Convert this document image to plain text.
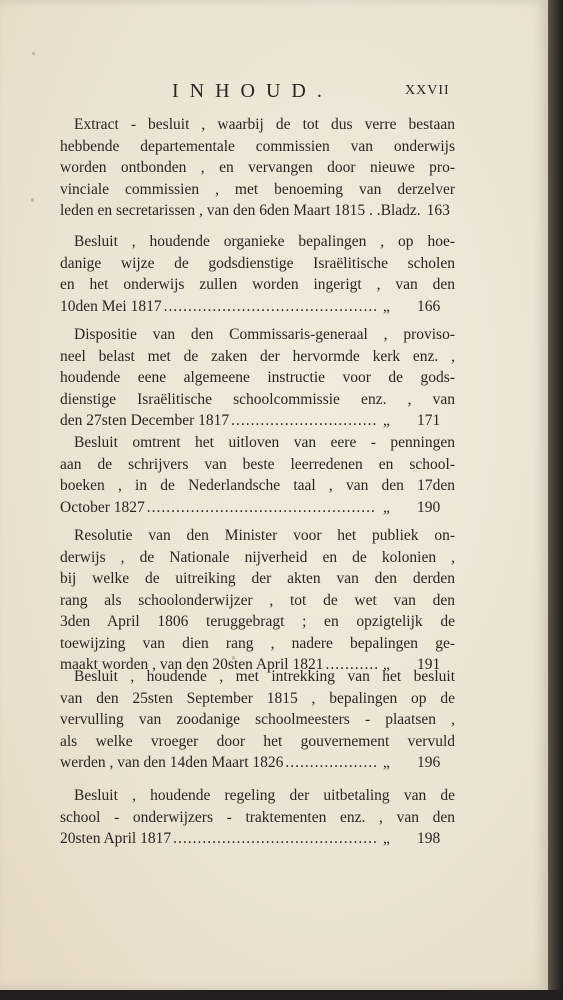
INHOUD.	XXVII
Extract - besluit , waarbij de tot dus verre bestaan
hebbende departementale commissien van onderwijs
worden ontbonden , en vervangen door nieuwe pro-
vinciale commissien , met benoeming van derzelver
leden en secretarissen , van den 6den Maart 1815 . . Bladz. 163
Besluit , houdende organieke bepalingen , op hoe-
danige wijze de godsdienstige Israëlitische scholen
en het onderwijs zullen worden ingerigt , van den
10den Mei 1817 .....	„	166
Dispositie van den Commissaris-generaal , proviso-
neel belast met de zaken der hervormde kerk enz. ,
houdende eene algemeene instructie voor de gods-
dienstige Israëlitische schoolcommissie enz. , van
den 27sten December 1817 .....	„	171
Besluit omtrent het uitloven van eere - penningen
aan de schrijvers van beste leerredenen en school-
boeken , in de Nederlandsche taal , van den 17den
October 1827 .....	„	190
Resolutie van den Minister voor het publiek on-
derwijs , de Nationale nijverheid en de kolonien ,
bij welke de uitreiking der akten van den derden
rang als schoolonderwijzer , tot de wet van den
3den April 1806 teruggebragt ; en opzigtelijk de
toewijzing van dien rang , nadere bepalingen ge-
maakt worden , van den 20sten April 1821 .....	„	191
Besluit , houdende , met intrekking van het besluit
van den 25sten September 1815 , bepalingen op de
vervulling van zoodanige schoolmeesters - plaatsen ,
als welke vroeger door het gouvernement vervuld
werden , van den 14den Maart 1826 .....	„	196
Besluit , houdende regeling der uitbetaling van de
school - onderwijzers - traktementen enz. , van den
20sten April 1817 .....	„	198
